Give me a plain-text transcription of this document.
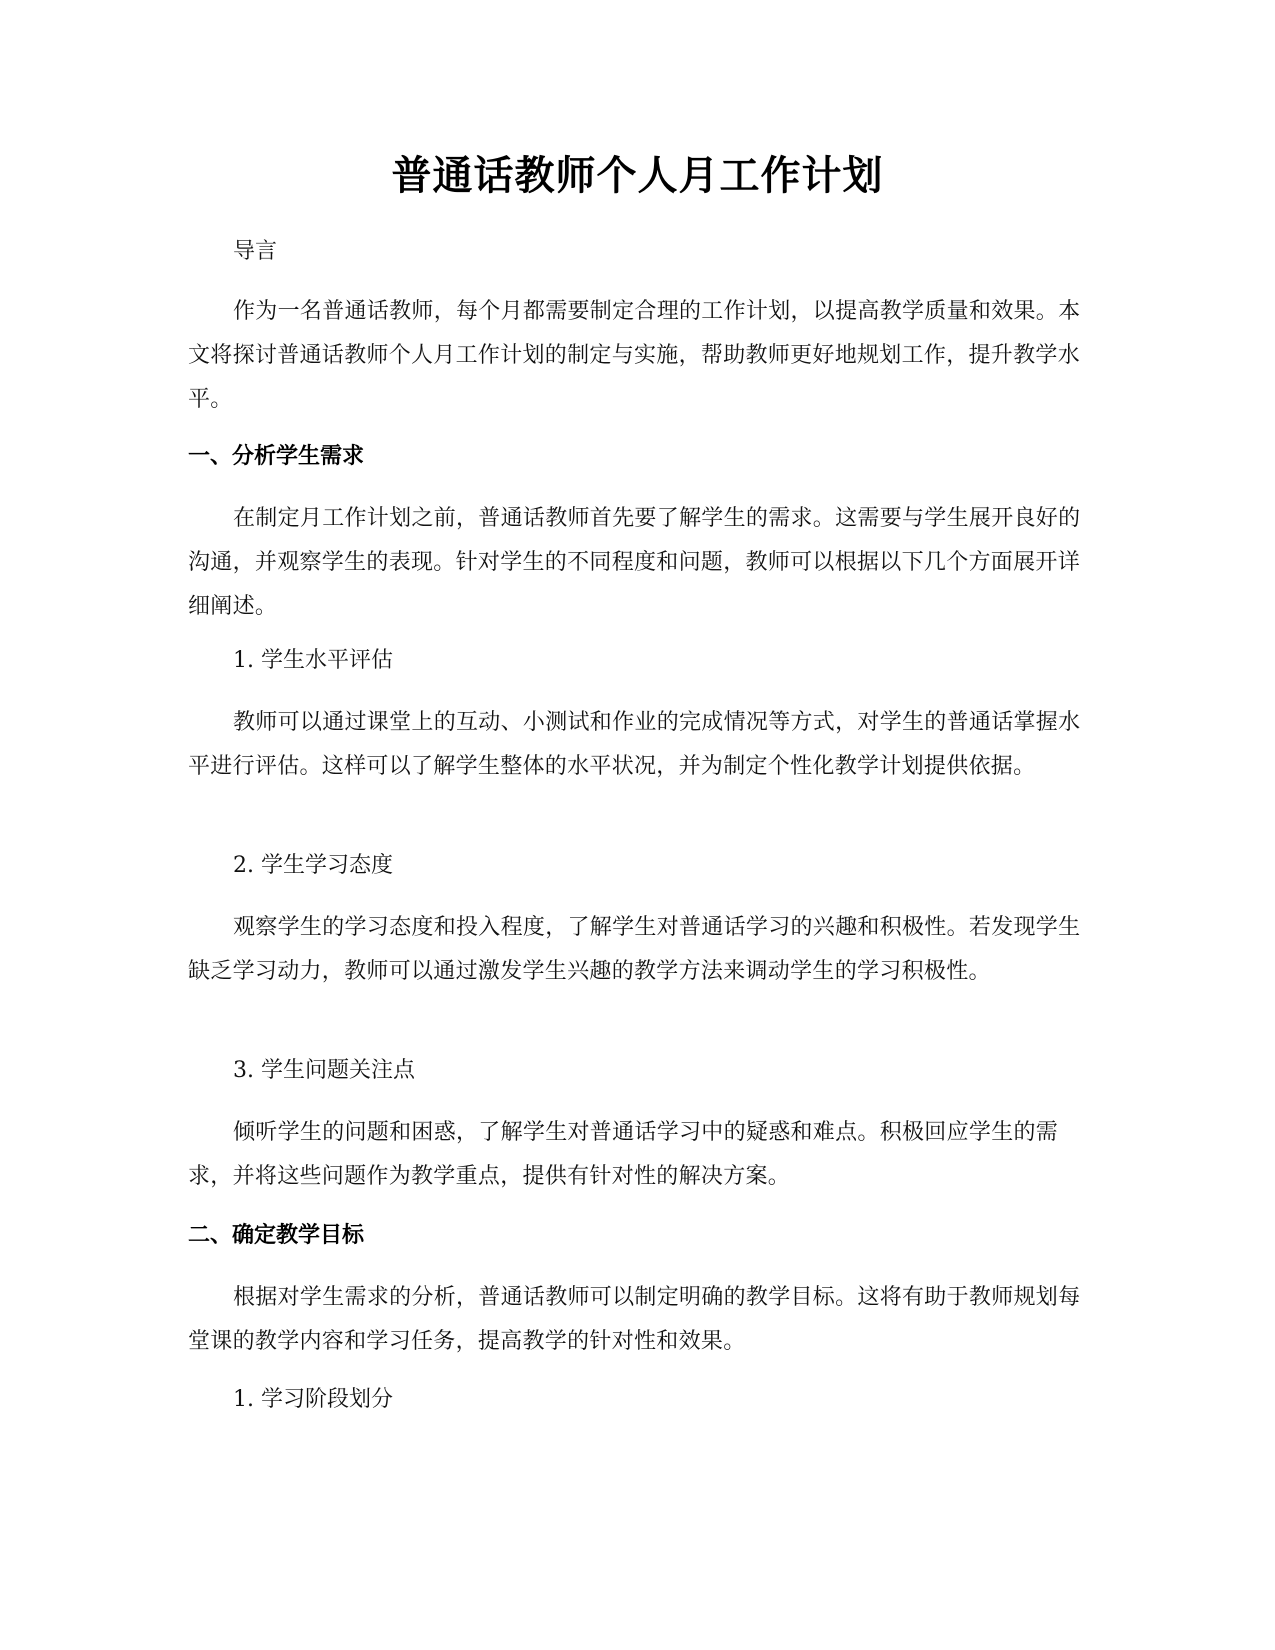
普通话教师个人月工作计划

导言

作为一名普通话教师，每个月都需要制定合理的工作计划，以提高教学质量和效果。本文将探讨普通话教师个人月工作计划的制定与实施，帮助教师更好地规划工作，提升教学水平。

一、分析学生需求

在制定月工作计划之前，普通话教师首先要了解学生的需求。这需要与学生展开良好的沟通，并观察学生的表现。针对学生的不同程度和问题，教师可以根据以下几个方面展开详细阐述。

1. 学生水平评估

教师可以通过课堂上的互动、小测试和作业的完成情况等方式，对学生的普通话掌握水平进行评估。这样可以了解学生整体的水平状况，并为制定个性化教学计划提供依据。

2. 学生学习态度

观察学生的学习态度和投入程度，了解学生对普通话学习的兴趣和积极性。若发现学生缺乏学习动力，教师可以通过激发学生兴趣的教学方法来调动学生的学习积极性。

3. 学生问题关注点

倾听学生的问题和困惑，了解学生对普通话学习中的疑惑和难点。积极回应学生的需求，并将这些问题作为教学重点，提供有针对性的解决方案。

二、确定教学目标

根据对学生需求的分析，普通话教师可以制定明确的教学目标。这将有助于教师规划每堂课的教学内容和学习任务，提高教学的针对性和效果。

1. 学习阶段划分
